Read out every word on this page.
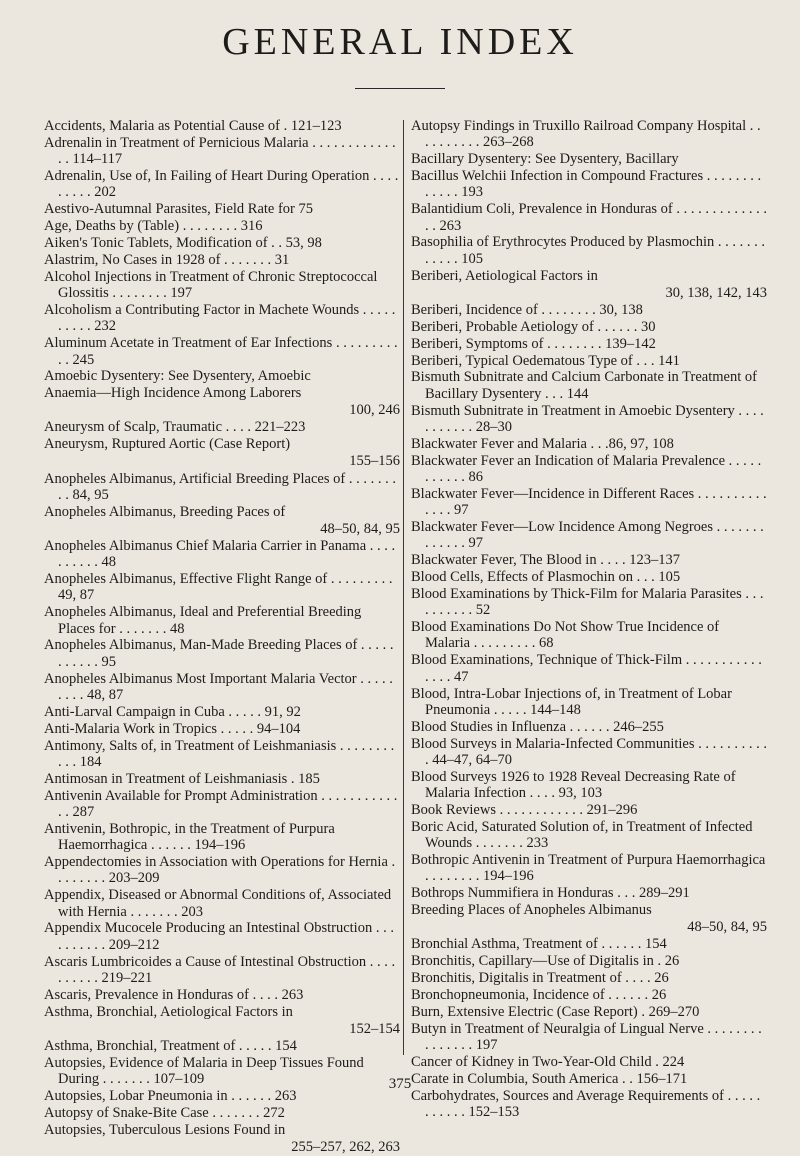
GENERAL INDEX
Accidents, Malaria as Potential Cause of . 121–123
Adrenalin in Treatment of Pernicious Malaria . . . . . . . . . . . . . . 114–117
Adrenalin, Use of, In Failing of Heart During Operation . . . . . . . . . 202
Aestivo-Autumnal Parasites, Field Rate for 75
Age, Deaths by (Table) . . . . . . . . 316
Aiken's Tonic Tablets, Modification of . . 53, 98
Alastrim, No Cases in 1928 of . . . . . . . 31
Alcohol Injections in Treatment of Chronic Streptococcal Glossitis . . . . . . . . 197
Alcoholism a Contributing Factor in Machete Wounds . . . . . . . . . . 232
Aluminum Acetate in Treatment of Ear Infections . . . . . . . . . . . 245
Amoebic Dysentery: See Dysentery, Amoebic
Anaemia—High Incidence Among Laborers
100, 246
Aneurysm of Scalp, Traumatic . . . . 221–223
Aneurysm, Ruptured Aortic (Case Report)
155–156
Anopheles Albimanus, Artificial Breeding Places of . . . . . . . . . 84, 95
Anopheles Albimanus, Breeding Paces of
48–50, 84, 95
Anopheles Albimanus Chief Malaria Carrier in Panama . . . . . . . . . . 48
Anopheles Albimanus, Effective Flight Range of . . . . . . . . . 49, 87
Anopheles Albimanus, Ideal and Preferential Breeding Places for . . . . . . . 48
Anopheles Albimanus, Man-Made Breeding Places of . . . . . . . . . . . 95
Anopheles Albimanus Most Important Malaria Vector . . . . . . . . . 48, 87
Anti-Larval Campaign in Cuba . . . . . 91, 92
Anti-Malaria Work in Tropics . . . . . 94–104
Antimony, Salts of, in Treatment of Leishmaniasis . . . . . . . . . . . 184
Antimosan in Treatment of Leishmaniasis . 185
Antivenin Available for Prompt Administration . . . . . . . . . . . . . 287
Antivenin, Bothropic, in the Treatment of Purpura Haemorrhagica . . . . . . 194–196
Appendectomies in Association with Operations for Hernia . . . . . . . . 203–209
Appendix, Diseased or Abnormal Conditions of, Associated with Hernia . . . . . . . 203
Appendix Mucocele Producing an Intestinal Obstruction . . . . . . . . . . 209–212
Ascaris Lumbricoides a Cause of Intestinal Obstruction . . . . . . . . . . 219–221
Ascaris, Prevalence in Honduras of . . . . 263
Asthma, Bronchial, Aetiological Factors in
152–154
Asthma, Bronchial, Treatment of . . . . . 154
Autopsies, Evidence of Malaria in Deep Tissues Found During . . . . . . . 107–109
Autopsies, Lobar Pneumonia in . . . . . . 263
Autopsy of Snake-Bite Case . . . . . . . 272
Autopsies, Tuberculous Lesions Found in
255–257, 262, 263
Autopsy Findings in Truxillo Railroad Company Hospital . . . . . . . . . . 263–268
Bacillary Dysentery: See Dysentery, Bacillary
Bacillus Welchii Infection in Compound Fractures . . . . . . . . . . . . . 193
Balantidium Coli, Prevalence in Honduras of . . . . . . . . . . . . . . . 263
Basophilia of Erythrocytes Produced by Plasmochin . . . . . . . . . . . . 105
Beriberi, Aetiological Factors in
30, 138, 142, 143
Beriberi, Incidence of . . . . . . . . 30, 138
Beriberi, Probable Aetiology of . . . . . . 30
Beriberi, Symptoms of . . . . . . . . 139–142
Beriberi, Typical Oedematous Type of . . . 141
Bismuth Subnitrate and Calcium Carbonate in Treatment of Bacillary Dysentery . . . 144
Bismuth Subnitrate in Treatment in Amoebic Dysentery . . . . . . . . . . . 28–30
Blackwater Fever and Malaria . . .86, 97, 108
Blackwater Fever an Indication of Malaria Prevalence . . . . . . . . . . . 86
Blackwater Fever—Incidence in Different Races . . . . . . . . . . . . . . 97
Blackwater Fever—Low Incidence Among Negroes . . . . . . . . . . . . . 97
Blackwater Fever, The Blood in . . . . 123–137
Blood Cells, Effects of Plasmochin on . . . 105
Blood Examinations by Thick-Film for Malaria Parasites . . . . . . . . . . 52
Blood Examinations Do Not Show True Incidence of Malaria . . . . . . . . . 68
Blood Examinations, Technique of Thick-Film . . . . . . . . . . . . . . . 47
Blood, Intra-Lobar Injections of, in Treatment of Lobar Pneumonia . . . . . 144–148
Blood Studies in Influenza . . . . . . 246–255
Blood Surveys in Malaria-Infected Communities . . . . . . . . . . . 44–47, 64–70
Blood Surveys 1926 to 1928 Reveal Decreasing Rate of Malaria Infection . . . . 93, 103
Book Reviews . . . . . . . . . . . . 291–296
Boric Acid, Saturated Solution of, in Treatment of Infected Wounds . . . . . . . 233
Bothropic Antivenin in Treatment of Purpura Haemorrhagica . . . . . . . . 194–196
Bothrops Nummifiera in Honduras . . . 289–291
Breeding Places of Anopheles Albimanus
48–50, 84, 95
Bronchial Asthma, Treatment of . . . . . . 154
Bronchitis, Capillary—Use of Digitalis in . 26
Bronchitis, Digitalis in Treatment of . . . . 26
Bronchopneumonia, Incidence of . . . . . . 26
Burn, Extensive Electric (Case Report) . 269–270
Butyn in Treatment of Neuralgia of Lingual Nerve . . . . . . . . . . . . . . . 197
Cancer of Kidney in Two-Year-Old Child . 224
Carate in Columbia, South America . . 156–171
Carbohydrates, Sources and Average Requirements of . . . . . . . . . . . 152–153
375
